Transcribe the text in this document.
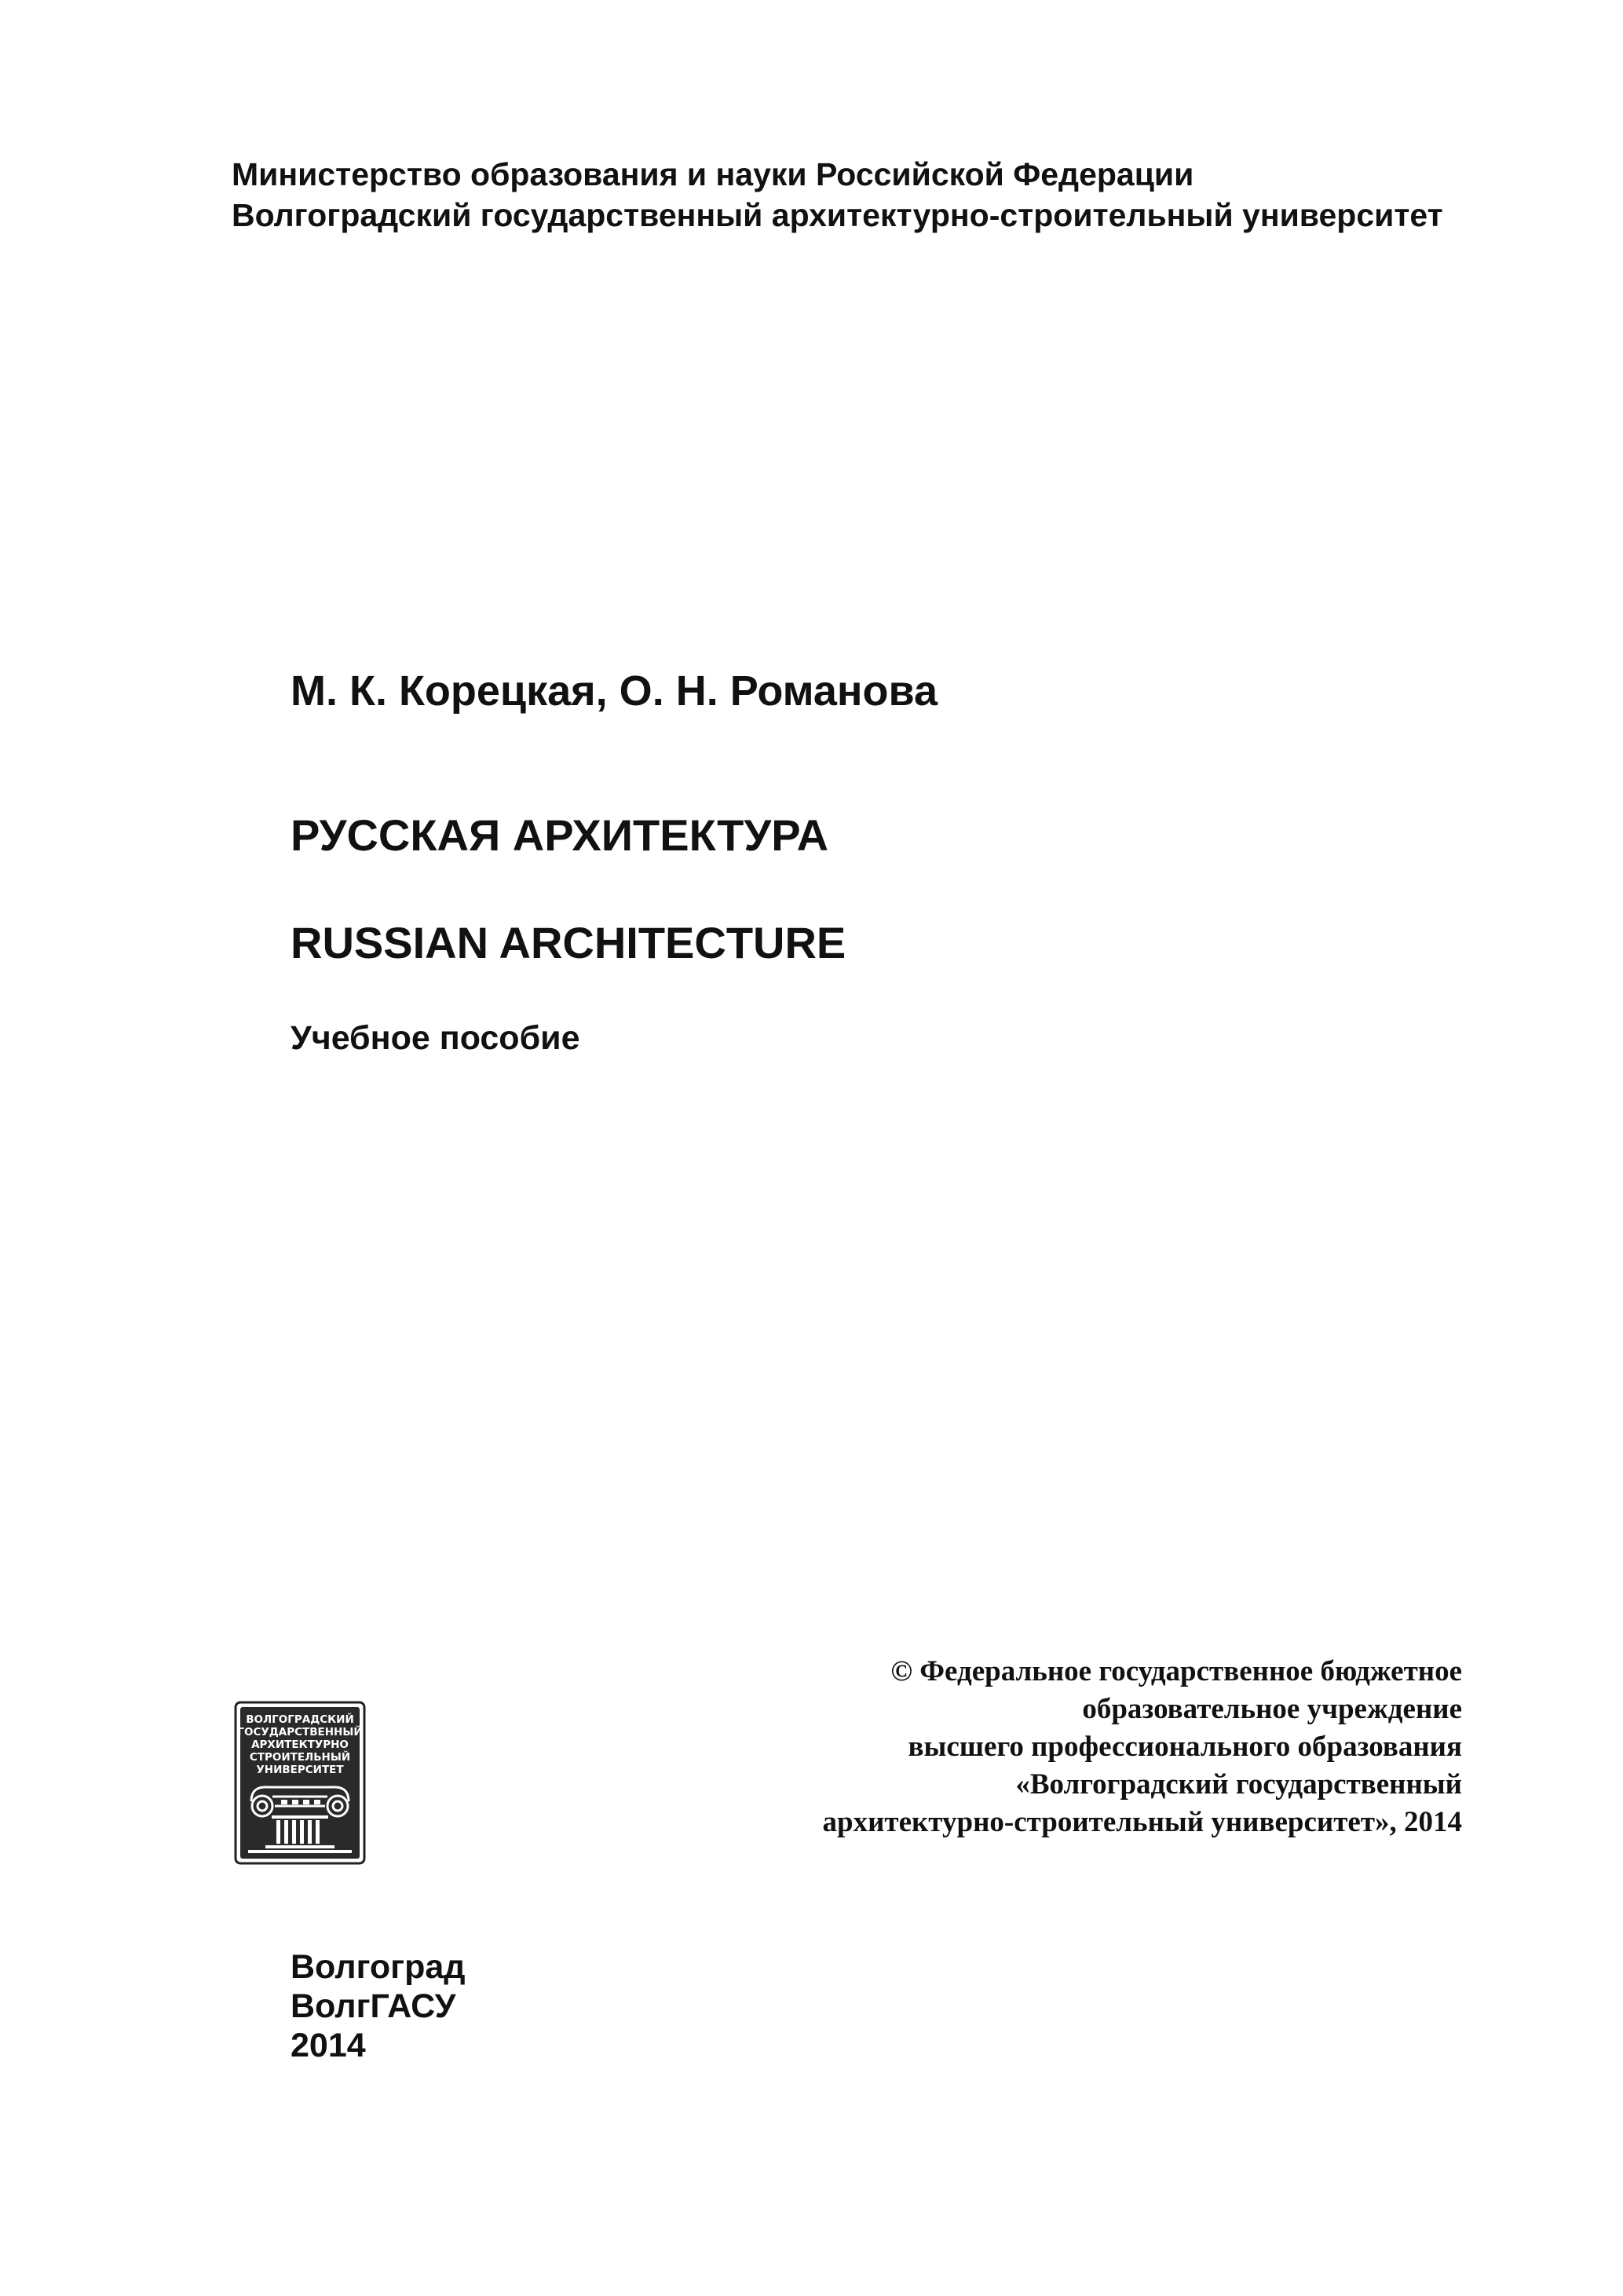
Министерство образования и науки Российской Федерации
Волгоградский государственный архитектурно-строительный университет
М. К. Корецкая, О. Н. Романова
РУССКАЯ АРХИТЕКТУРА
RUSSIAN ARCHITECTURE
Учебное пособие
ВОЛГОГРАДСКИЙ
ГОСУДАРСТВЕННЫЙ
АРХИТЕКТУРНО
СТРОИТЕЛЬНЫЙ
УНИВЕРСИТЕТ
© Федеральное государственное бюджетное
образовательное учреждение
высшего профессионального образования
«Волгоградский государственный
архитектурно-строительный университет», 2014
Волгоград
ВолгГАСУ
2014
